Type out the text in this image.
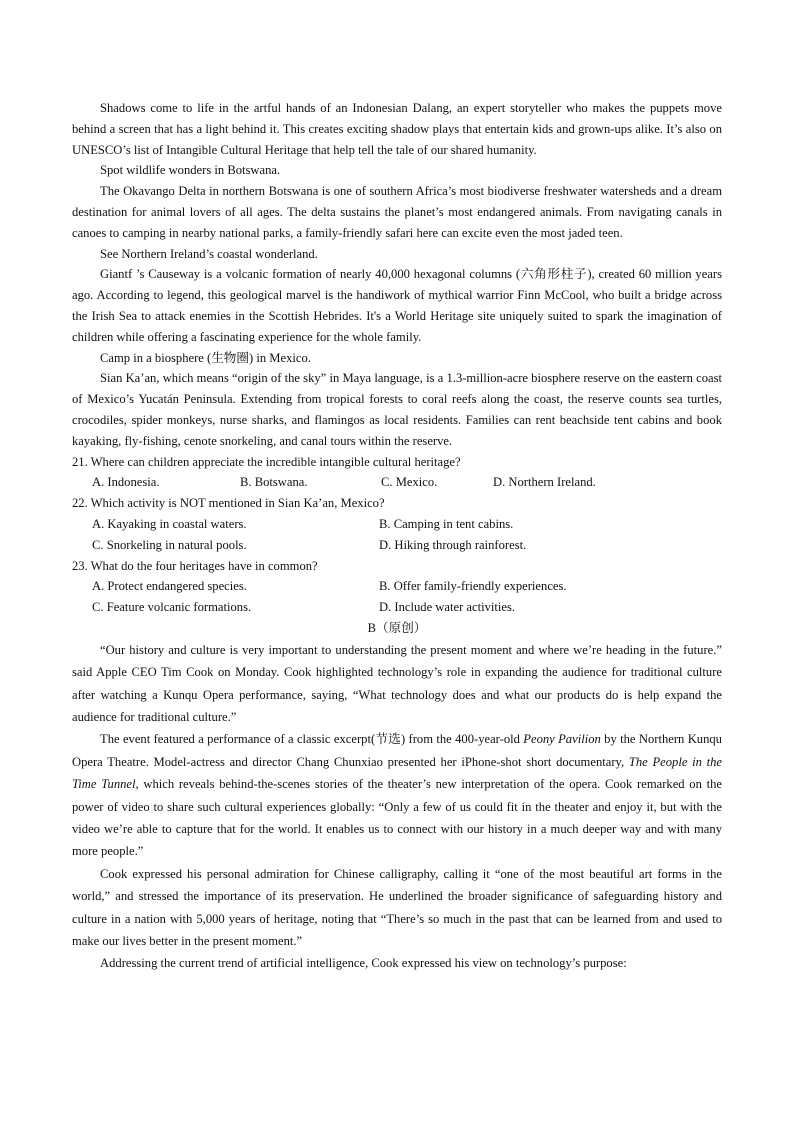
Shadows come to life in the artful hands of an Indonesian Dalang, an expert storyteller who makes the puppets move behind a screen that has a light behind it. This creates exciting shadow plays that entertain kids and grown-ups alike. It’s also on UNESCO’s list of Intangible Cultural Heritage that help tell the tale of our shared humanity.

Spot wildlife wonders in Botswana.

The Okavango Delta in northern Botswana is one of southern Africa’s most biodiverse freshwater watersheds and a dream destination for animal lovers of all ages. The delta sustains the planet’s most endangered animals. From navigating canals in canoes to camping in nearby national parks, a family-friendly safari here can excite even the most jaded teen.

See Northern Ireland’s coastal wonderland.

Giantf ’s Causeway is a volcanic formation of nearly 40,000 hexagonal columns (六角形柱子), created 60 million years ago. According to legend, this geological marvel is the handiwork of mythical warrior Finn McCool, who built a bridge across the Irish Sea to attack enemies in the Scottish Hebrides. It's a World Heritage site uniquely suited to spark the imagination of children while offering a fascinating experience for the whole family.

Camp in a biosphere (生物圈) in Mexico.

Sian Ka’an, which means “origin of the sky” in Maya language, is a 1.3-million-acre biosphere reserve on the eastern coast of Mexico’s Yucatán Peninsula. Extending from tropical forests to coral reefs along the coast, the reserve counts sea turtles, crocodiles, spider monkeys, nurse sharks, and flamingos as local residents. Families can rent beachside tent cabins and book kayaking, fly-fishing, cenote snorkeling, and canal tours within the reserve.

21. Where can children appreciate the incredible intangible cultural heritage?
A. Indonesia.	B. Botswana.	C. Mexico.	D. Northern Ireland.
22. Which activity is NOT mentioned in Sian Ka’an, Mexico?
A. Kayaking in coastal waters.	B. Camping in tent cabins.
C. Snorkeling in natural pools.	D. Hiking through rainforest.
23. What do the four heritages have in common?
A. Protect endangered species.	B. Offer family-friendly experiences.
C. Feature volcanic formations.	D. Include water activities.
B（原创）

“Our history and culture is very important to understanding the present moment and where we’re heading in the future.” said Apple CEO Tim Cook on Monday. Cook highlighted technology’s role in expanding the audience for traditional culture after watching a Kunqu Opera performance, saying, “What technology does and what our products do is help expand the audience for traditional culture.”

The event featured a performance of a classic excerpt(节选) from the 400-year-old Peony Pavilion by the Northern Kunqu Opera Theatre. Model-actress and director Chang Chunxiao presented her iPhone-shot short documentary, The People in the Time Tunnel, which reveals behind-the-scenes stories of the theater’s new interpretation of the opera. Cook remarked on the power of video to share such cultural experiences globally: “Only a few of us could fit in the theater and enjoy it, but with the video we’re able to capture that for the world. It enables us to connect with our history in a much deeper way and with many more people.”

Cook expressed his personal admiration for Chinese calligraphy, calling it “one of the most beautiful art forms in the world,” and stressed the importance of its preservation. He underlined the broader significance of safeguarding history and culture in a nation with 5,000 years of heritage, noting that “There’s so much in the past that can be learned from and used to make our lives better in the present moment.”

Addressing the current trend of artificial intelligence, Cook expressed his view on technology’s purpose:
